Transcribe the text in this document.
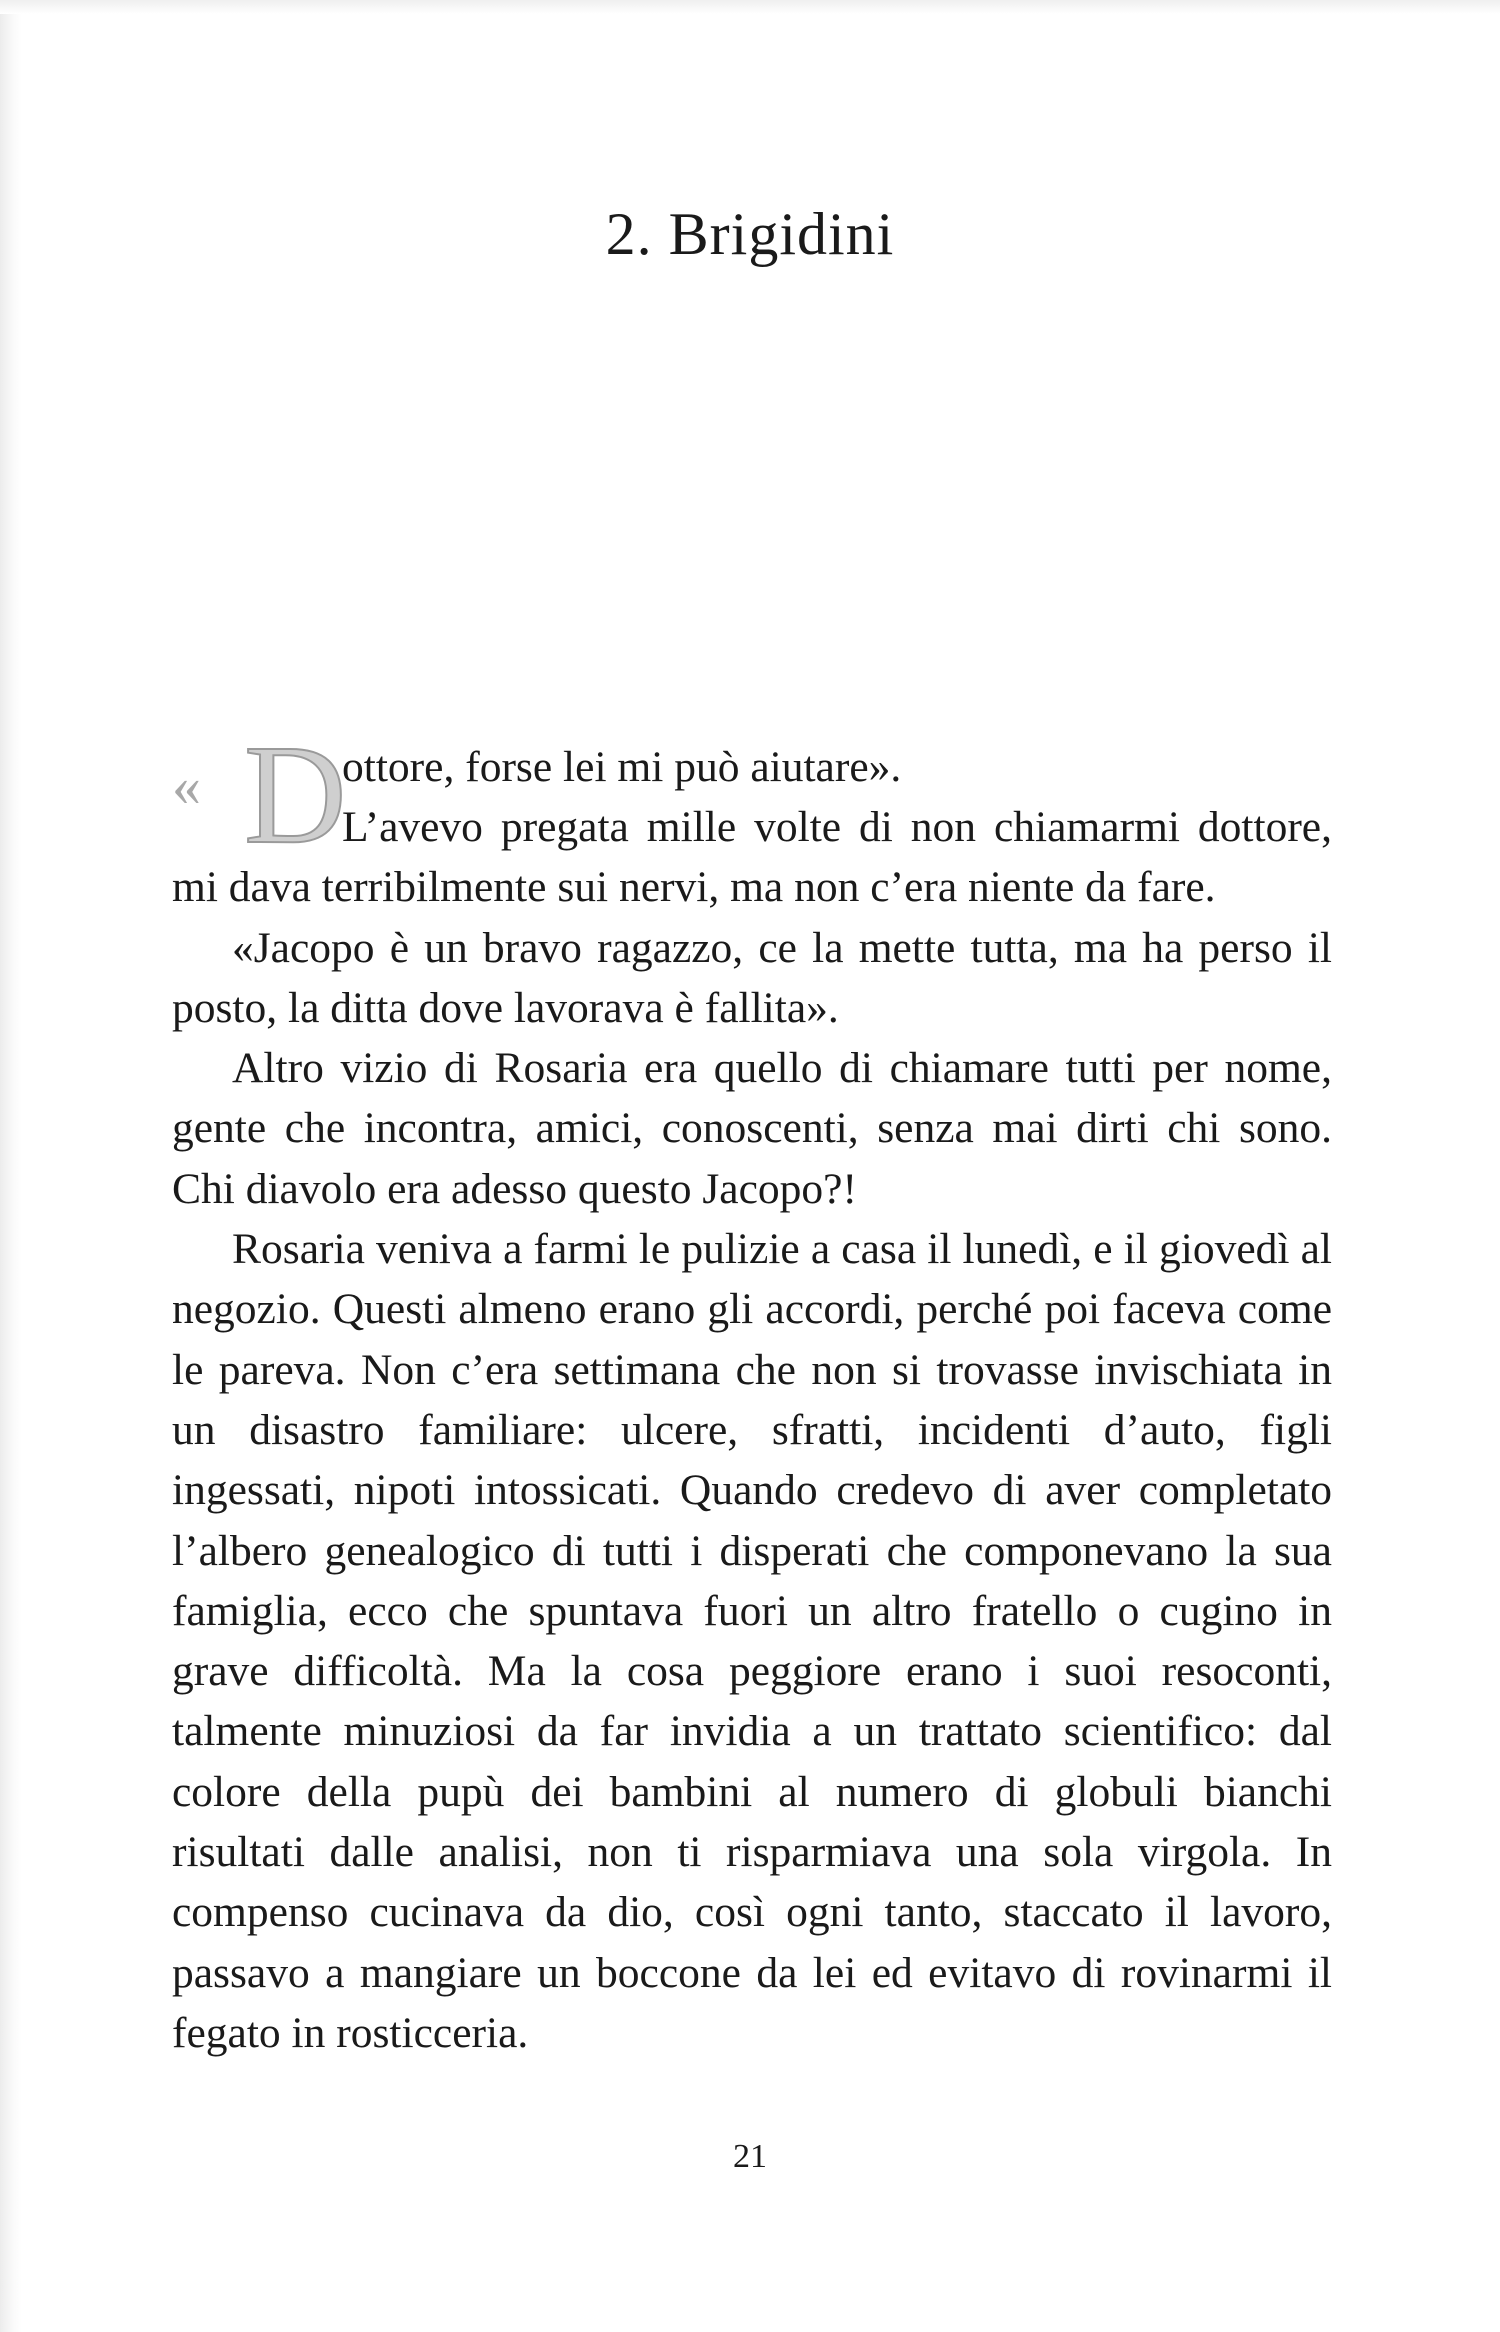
2. Brigidini
« D

ottore, forse lei mi può aiutare».

L’avevo pregata mille volte di non chiamarmi dottore, mi dava terribilmente sui nervi, ma non c’era niente da fare.

«Jacopo è un bravo ragazzo, ce la mette tutta, ma ha perso il posto, la ditta dove lavorava è fallita».

Altro vizio di Rosaria era quello di chiamare tutti per nome, gente che incontra, amici, conoscenti, senza mai dirti chi sono. Chi diavolo era adesso questo Jacopo?!

Rosaria veniva a farmi le pulizie a casa il lunedì, e il giovedì al negozio. Questi almeno erano gli accordi, perché poi faceva come le pareva. Non c’era settimana che non si trovasse invischiata in un disastro familiare: ulcere, sfratti, incidenti d’auto, figli ingessati, nipoti intossicati. Quando credevo di aver completato l’albero genealogico di tutti i disperati che componevano la sua famiglia, ecco che spuntava fuori un altro fratello o cugino in grave difficoltà. Ma la cosa peggiore erano i suoi resoconti, talmente minuziosi da far invidia a un trattato scientifico: dal colore della pupù dei bambini al numero di globuli bianchi risultati dalle analisi, non ti risparmiava una sola virgola. In compenso cucinava da dio, così ogni tanto, staccato il lavoro, passavo a mangiare un boccone da lei ed evitavo di rovinarmi il fegato in rosticceria.

21
